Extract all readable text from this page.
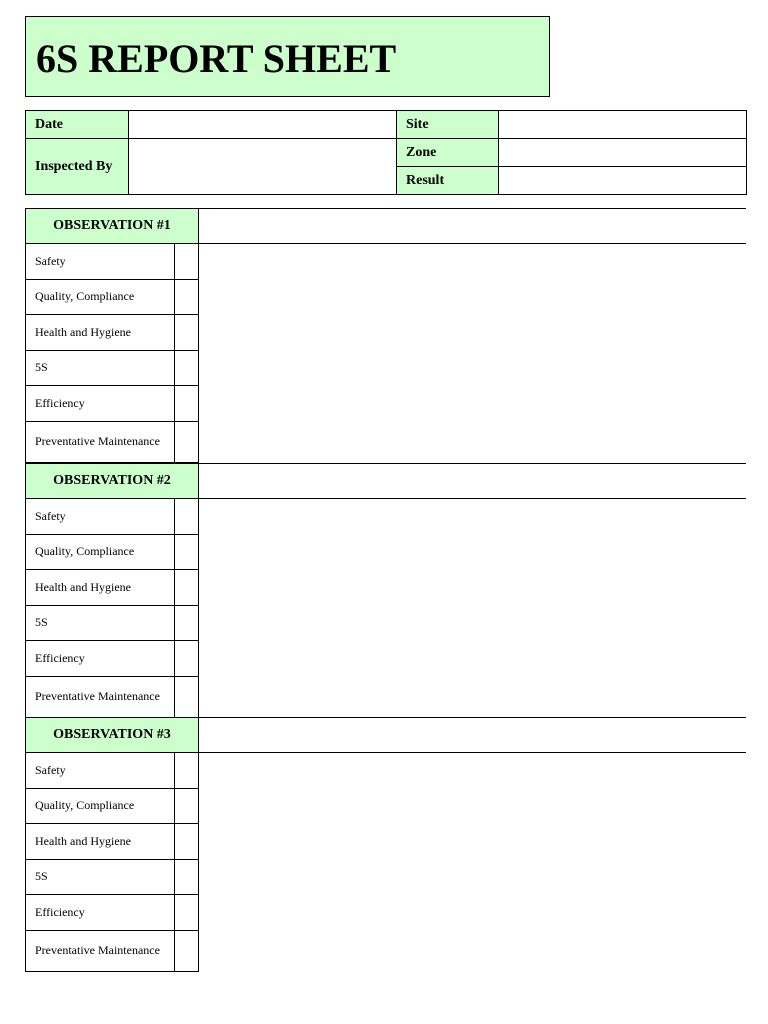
6S REPORT SHEET
Date		Site	
Inspected By		Zone	
		Result	
OBSERVATION #1
Safety
Quality, Compliance
Health and Hygiene
5S
Efficiency
Preventative Maintenance
OBSERVATION #2
Safety
Quality, Compliance
Health and Hygiene
5S
Efficiency
Preventative Maintenance
OBSERVATION #3
Safety
Quality, Compliance
Health and Hygiene
5S
Efficiency
Preventative Maintenance
